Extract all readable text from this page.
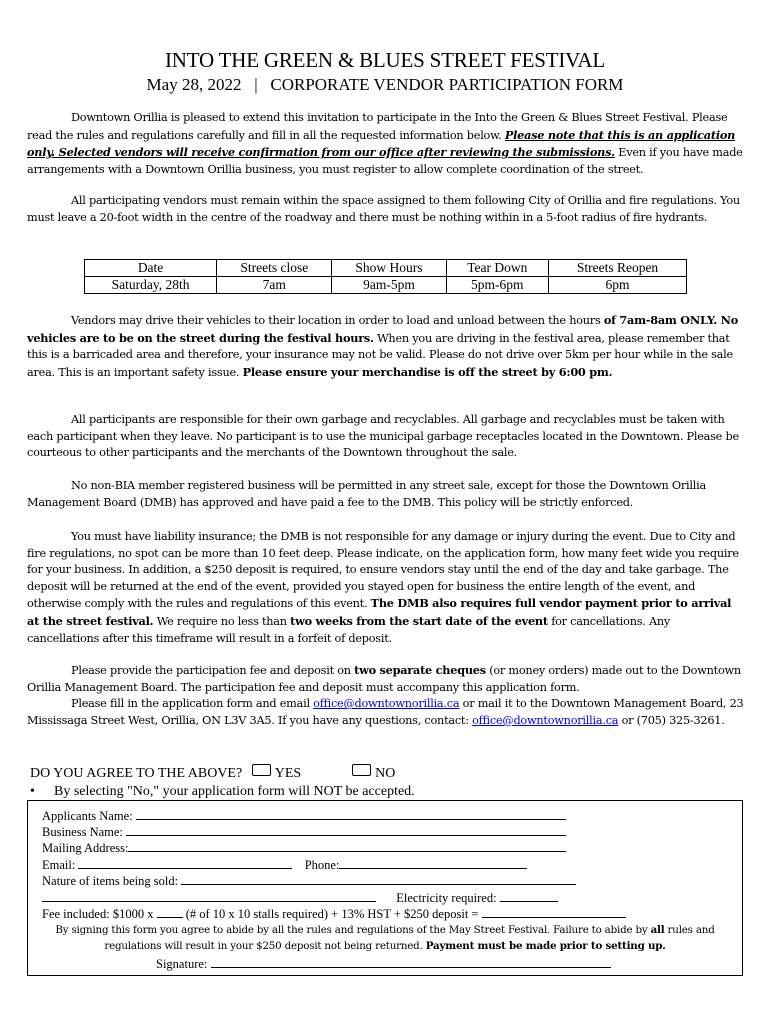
INTO THE GREEN & BLUES STREET FESTIVAL
May 28, 2022   |   CORPORATE VENDOR PARTICIPATION FORM

Downtown Orillia is pleased to extend this invitation to participate in the Into the Green & Blues Street Festival. Please read the rules and regulations carefully and fill in all the requested information below. Please note that this is an application only. Selected vendors will receive confirmation from our office after reviewing the submissions. Even if you have made arrangements with a Downtown Orillia business, you must register to allow complete coordination of the street.

All participating vendors must remain within the space assigned to them following City of Orillia and fire regulations. You must leave a 20-foot width in the centre of the roadway and there must be nothing within in a 5-foot radius of fire hydrants.

Date	Streets close	Show Hours	Tear Down	Streets Reopen
Saturday, 28th	7am	9am-5pm	5pm-6pm	6pm

Vendors may drive their vehicles to their location in order to load and unload between the hours of 7am-8am ONLY. No vehicles are to be on the street during the festival hours. When you are driving in the festival area, please remember that this is a barricaded area and therefore, your insurance may not be valid. Please do not drive over 5km per hour while in the sale area. This is an important safety issue. Please ensure your merchandise is off the street by 6:00 pm.

All participants are responsible for their own garbage and recyclables. All garbage and recyclables must be taken with each participant when they leave. No participant is to use the municipal garbage receptacles located in the Downtown. Please be courteous to other participants and the merchants of the Downtown throughout the sale.

No non-BIA member registered business will be permitted in any street sale, except for those the Downtown Orillia Management Board (DMB) has approved and have paid a fee to the DMB. This policy will be strictly enforced.

You must have liability insurance; the DMB is not responsible for any damage or injury during the event. Due to City and fire regulations, no spot can be more than 10 feet deep. Please indicate, on the application form, how many feet wide you require for your business. In addition, a $250 deposit is required, to ensure vendors stay until the end of the day and take garbage. The deposit will be returned at the end of the event, provided you stayed open for business the entire length of the event, and otherwise comply with the rules and regulations of this event. The DMB also requires full vendor payment prior to arrival at the street festival. We require no less than two weeks from the start date of the event for cancellations. Any cancellations after this timeframe will result in a forfeit of deposit.

Please provide the participation fee and deposit on two separate cheques (or money orders) made out to the Downtown Orillia Management Board. The participation fee and deposit must accompany this application form.
Please fill in the application form and email office@downtownorillia.ca or mail it to the Downtown Management Board, 23 Mississaga Street West, Orillia, ON L3V 3A5. If you have any questions, contact: office@downtownorillia.ca or (705) 325-3261.

DO YOU AGREE TO THE ABOVE? YES	NO
• By selecting "No," your application form will NOT be accepted.
Applicants Name:
Business Name:
Mailing Address:
Email:	Phone:
Nature of items being sold:
Electricity required:
Fee included: $1000 x	(# of 10 x 10 stalls required) + 13% HST + $250 deposit =
By signing this form you agree to abide by all the rules and regulations of the May Street Festival. Failure to abide by all rules and regulations will result in your $250 deposit not being returned. Payment must be made prior to setting up.
Signature:
